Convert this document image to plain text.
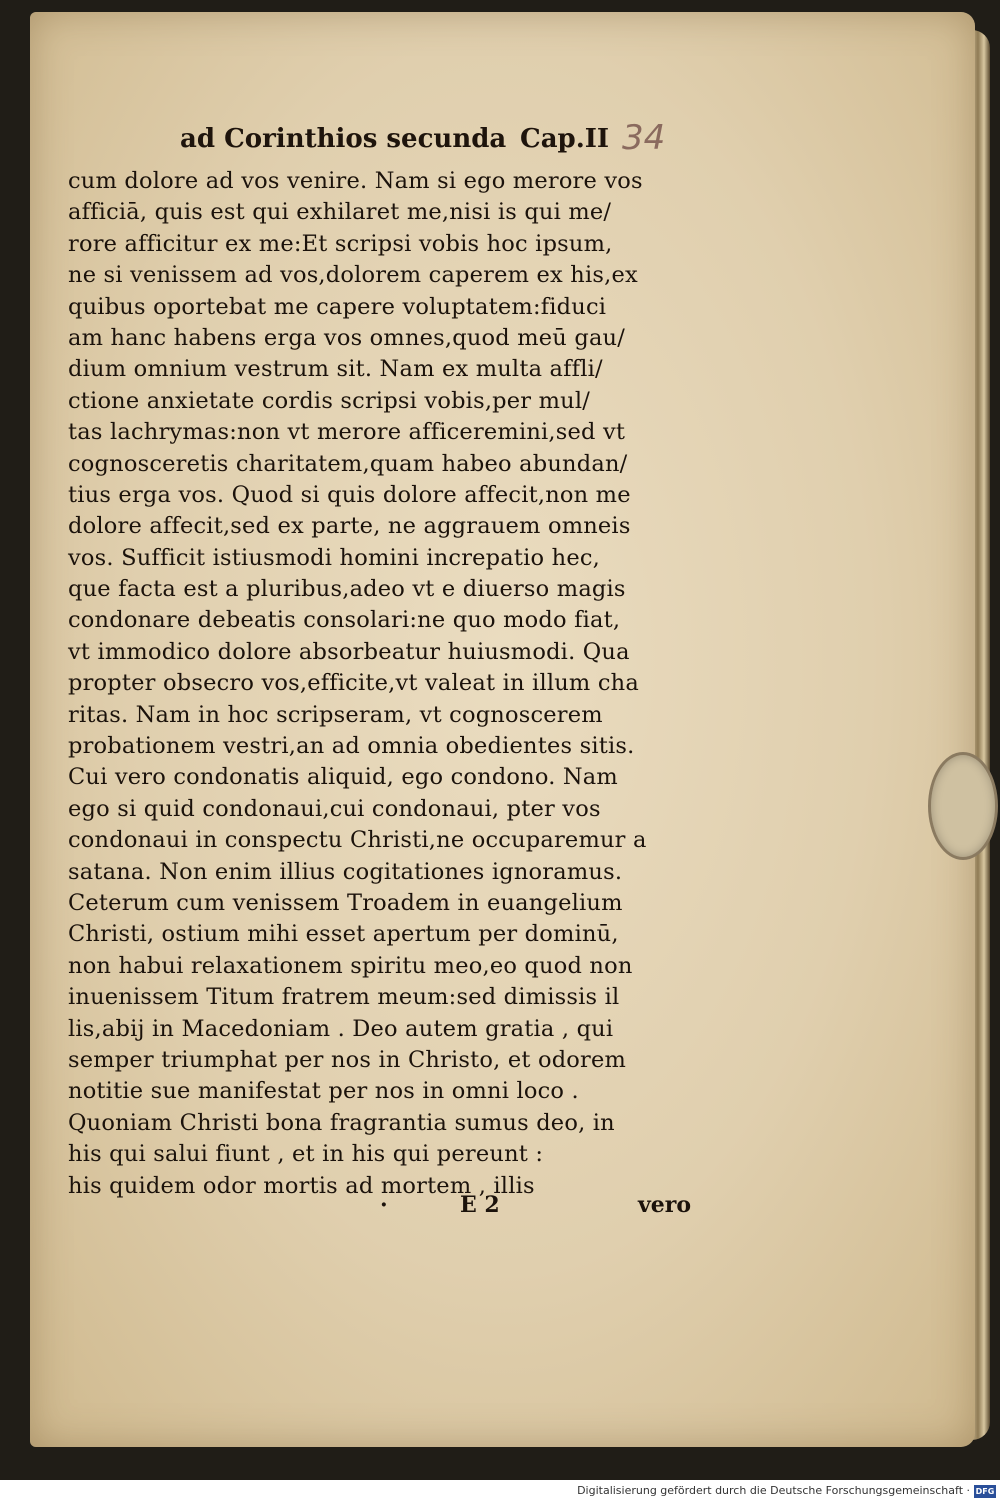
ad Corinthios secunda Cap.II 34
cum dolore ad vos venire. Nam si ego merore vos
afficiā, quis est qui exhilaret me,nisi is qui me/
rore afficitur ex me:Et scripsi vobis hoc ipsum,
ne si venissem ad vos,dolorem caperem ex his,ex
quibus oportebat me capere voluptatem:fiduci
am hanc habens erga vos omnes,quod meū gau/
dium omnium vestrum sit. Nam ex multa affli/
ctione anxietate cordis scripsi vobis,per mul/
tas lachrymas:non vt merore afficeremini,sed vt
cognosceretis charitatem,quam habeo abundan/
tius erga vos. Quod si quis dolore affecit,non me
dolore affecit,sed ex parte, ne aggrauem omneis
vos. Sufficit istiusmodi homini increpatio hec,
que facta est a pluribus,adeo vt e diuerso magis
condonare debeatis consolari:ne quo modo fiat,
vt immodico dolore absorbeatur huiusmodi. Qua
propter obsecro vos,efficite,vt valeat in illum cha
ritas. Nam in hoc scripseram, vt cognoscerem
probationem vestri,an ad omnia obedientes sitis.
Cui vero condonatis aliquid, ego condono. Nam
ego si quid condonaui,cui condonaui, pter vos
condonaui in conspectu Christi,ne occuparemur a
satana. Non enim illius cogitationes ignoramus.
Ceterum cum venissem Troadem in euangelium
Christi, ostium mihi esset apertum per dominū,
non habui relaxationem spiritu meo,eo quod non
inuenissem Titum fratrem meum:sed dimissis il
lis,abij in Macedoniam . Deo autem gratia , qui
semper triumphat per nos in Christo, et odorem
notitie sue manifestat per nos in omni loco .
Quoniam Christi bona fragrantia sumus deo, in
his qui salui fiunt , et in his qui pereunt :
his quidem odor mortis ad mortem , illis
·	E 2	vero
Digitalisierung gefördert durch die Deutsche Forschungsgemeinschaft · DFG
